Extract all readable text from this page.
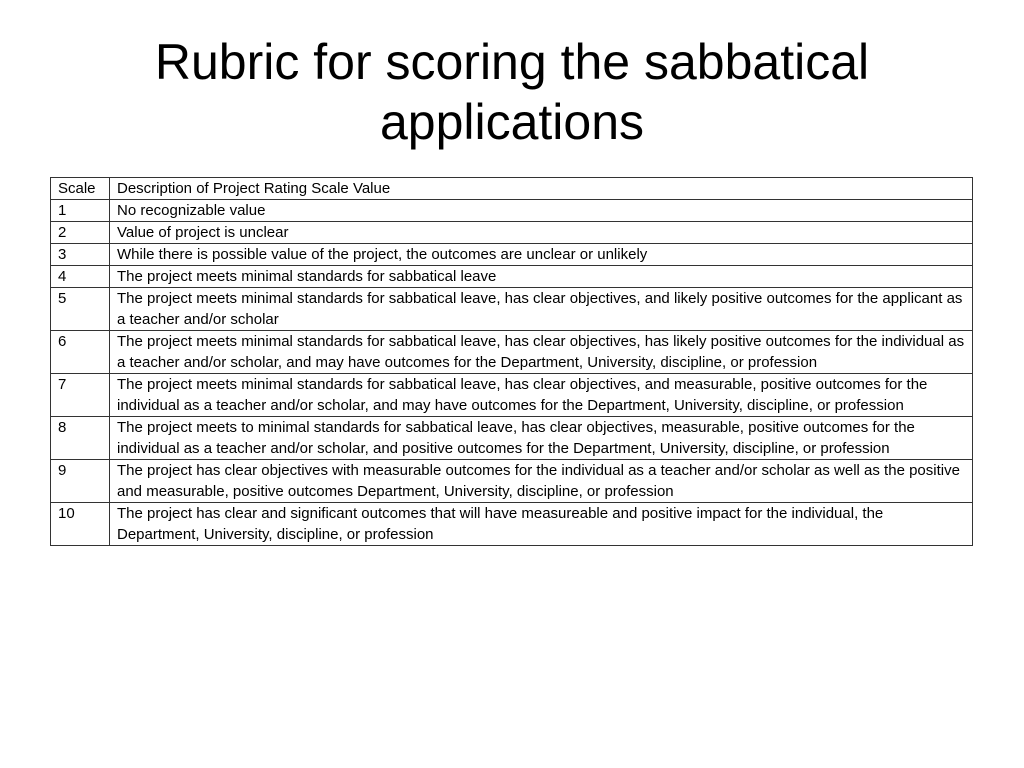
Rubric for scoring the sabbatical
applications
Scale	Description of Project Rating Scale Value
1	No recognizable value
2	Value of project is unclear
3	While there is possible value of the project, the outcomes are unclear or unlikely
4	The project meets minimal standards for sabbatical leave
5	The project meets minimal standards for sabbatical leave, has clear objectives, and likely positive outcomes for the applicant as a teacher and/or scholar
6	The project meets minimal standards for sabbatical leave, has clear objectives, has likely positive outcomes for the individual as a teacher and/or scholar, and may have outcomes for the Department, University, discipline, or profession
7	The project meets minimal standards for sabbatical leave, has clear objectives, and measurable, positive outcomes for the individual as a teacher and/or scholar, and may have outcomes for the Department, University, discipline, or profession
8	The project meets to minimal standards for sabbatical leave, has clear objectives, measurable, positive outcomes for the individual as a teacher and/or scholar, and positive outcomes for the Department, University, discipline, or profession
9	The project has clear objectives with measurable outcomes for the individual as a teacher and/or scholar as well as the positive and measurable, positive outcomes Department, University, discipline, or profession
10	The project has clear and significant outcomes that will have measureable and positive impact for the individual, the Department, University, discipline, or profession
